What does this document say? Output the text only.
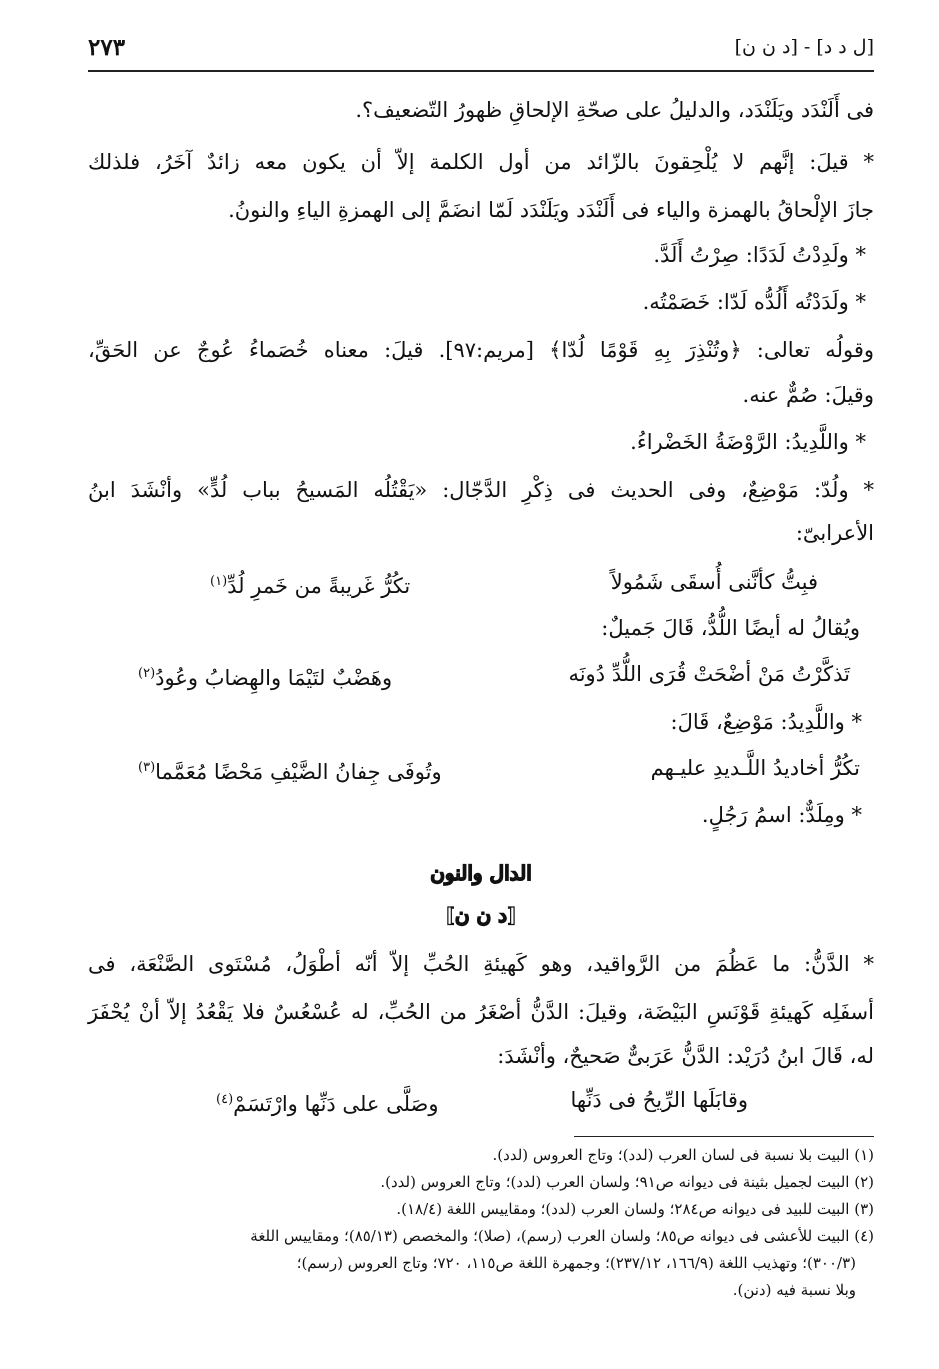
[ل د د] - [د ن ن]
٢٧٣
فى أَلَنْدَد ويَلَنْدَد، والدليلُ على صحّةِ الإلحاقِ ظهورُ التّضعيف؟.
* قيلَ: إنَّهم لا يُلْحِقونَ بالزّائد من أول الكلمة إلاّ أن يكون معه زائدٌ آخَرُ، فلذلك
جازَ الإلْحاقُ بالهمزة والياء فى أَلَنْدَد ويَلَنْدَد لَمّا انضَمَّ إلى الهمزةِ الياءِ والنونُ.
* ولَدِدْتُ لَدَدًا: صِرْتُ أَلَدَّ.
* ولَدَدْتُه أَلُدُّه لَدّا: خَصَمْتُه.
وقولُه تعالى: ﴿وتُنْذِرَ بِهِ قَوْمًا لُدّا﴾ [مريم:٩٧]. قيلَ: معناه خُصَماءُ عُوجٌ عن الحَقِّ،
وقيلَ: صُمٌّ عنه.
* واللَّدِيدُ: الرَّوْضَةُ الخَضْراءُ.
* ولُدّ: مَوْضِعٌ، وفى الحديث فى ذِكْرِ الدَّجّال: «يَقْتُلُه المَسيحُ بباب لُدٍّ» وأنْشَدَ ابنُ
الأعرابىّ:
فبِتُّ كأنَّنى أُسقَى شَمُولاً
تكُرُّ غَريبةً من خَمرِ لُدِّ$^{(١)}$
ويُقالُ له أيضًا اللُّدُّ، قَالَ جَميلٌ:
تَذكَّرْتُ مَنْ أضْحَتْ قُرَى اللُّدِّ دُونَه
وهَضْبٌ لتَيْمَا والهِضابُ وعُودُ$^{(٢)}$
* واللَّدِيدُ: مَوْضِعٌ، قَالَ:
تكُرُّ أخاديدُ اللَّـديدِ عليـهم
وتُوفَى جِفانُ الضَّيْفِ مَحْضًا مُعَمَّما$^{(٣)}$
* ومِلَدٌّ: اسمُ رَجُلٍ.
الدال والنون
[د ن ن]
* الدَّنُّ: ما عَظُمَ من الرَّواقيد، وهو كَهيئةِ الحُبِّ إلاّ أنّه أطْوَلُ، مُسْتَوى الصَّنْعَة، فى
أسفَلِه كَهيئةِ قَوْنَسِ البَيْضَة، وقيلَ: الدَّنُّ أصْغَرُ من الحُبِّ، له عُسْعُسٌ فلا يَقْعُدُ إلاّ أنْ يُحْفَرَ
له، قَالَ ابنُ دُرَيْد: الدَّنُّ عَرَبىٌّ صَحيحٌ، وأنْشَدَ:
وقابَلَها الرِّيحُ فى دَنِّها
وصَلَّى على دَنِّها وارْتَسَمْ$^{(٤)}$
(١) البيت بلا نسبة فى لسان العرب (لدد)؛ وتاج العروس (لدد).
(٢) البيت لجميل بثينة فى ديوانه ص٩١؛ ولسان العرب (لدد)؛ وتاج العروس (لدد).
(٣) البيت للبيد فى ديوانه ص٢٨٤؛ ولسان العرب (لدد)؛ ومقاييس اللغة (١٨/٤).
(٤) البيت للأعشى فى ديوانه ص٨٥؛ ولسان العرب (رسم)، (صلا)؛ والمخصص (٨٥/١٣)؛ ومقاييس اللغة
(٣٠٠/٣)؛ وتهذيب اللغة (١٦٦/٩، ٢٣٧/١٢)؛ وجمهرة اللغة ص١١٥، ٧٢٠؛ وتاج العروس (رسم)؛
وبلا نسبة فيه (دنن).
